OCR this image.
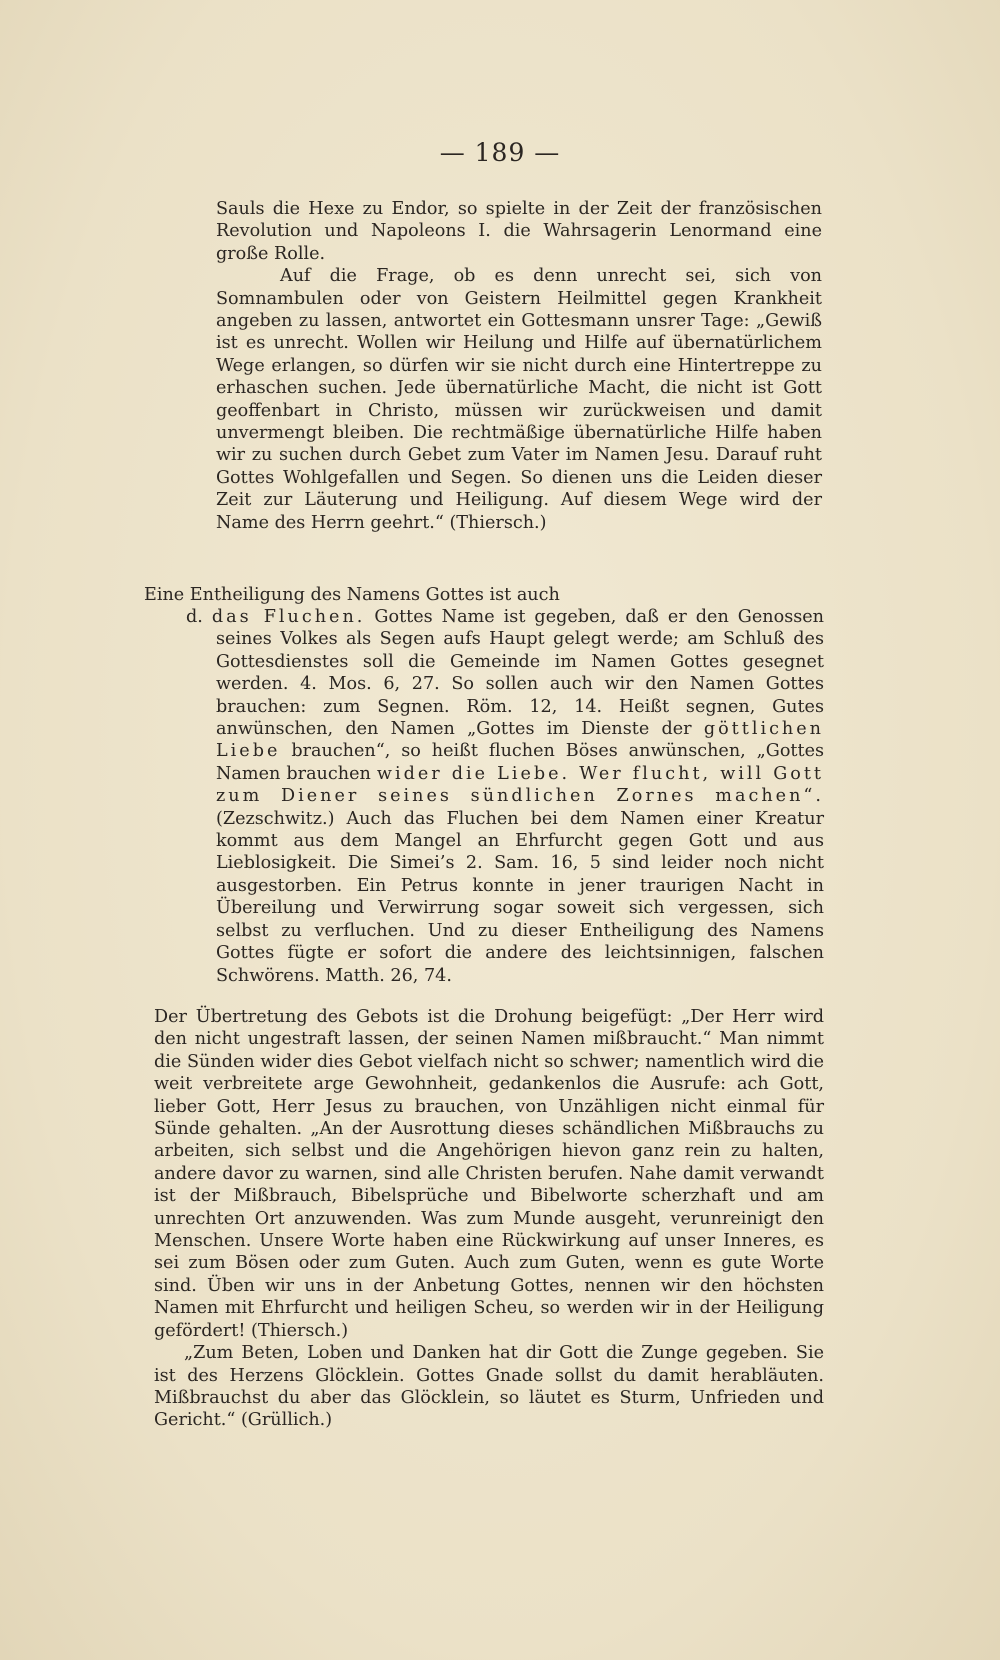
— 189 —

Sauls die Hexe zu Endor, so spielte in der Zeit der französischen Revolution und Napoleons I. die Wahrsagerin Lenormand eine große Rolle.
Auf die Frage, ob es denn unrecht sei, sich von Somnambulen oder von Geistern Heilmittel gegen Krankheit angeben zu lassen, antwortet ein Gottesmann unsrer Tage: „Gewiß ist es unrecht. Wollen wir Heilung und Hilfe auf übernatürlichem Wege erlangen, so dürfen wir sie nicht durch eine Hintertreppe zu erhaschen suchen. Jede übernatürliche Macht, die nicht ist Gott geoffenbart in Christo, müssen wir zurückweisen und damit unvermengt bleiben. Die rechtmäßige übernatürliche Hilfe haben wir zu suchen durch Gebet zum Vater im Namen Jesu. Darauf ruht Gottes Wohlgefallen und Segen. So dienen uns die Leiden dieser Zeit zur Läuterung und Heiligung. Auf diesem Wege wird der Name des Herrn geehrt.“ (Thiersch.)

Eine Entheiligung des Namens Gottes ist auch

d. das Fluchen. Gottes Name ist gegeben, daß er den Genossen seines Volkes als Segen aufs Haupt gelegt werde; am Schluß des Gottesdienstes soll die Gemeinde im Namen Gottes gesegnet werden. 4. Mos. 6, 27. So sollen auch wir den Namen Gottes brauchen: zum Segnen. Röm. 12, 14. Heißt segnen, Gutes anwünschen, den Namen „Gottes im Dienste der göttlichen Liebe brauchen“, so heißt fluchen Böses anwünschen, „Gottes Namen brauchen wider die Liebe. Wer flucht, will Gott zum Diener seines sündlichen Zornes machen“. (Zezschwitz.) Auch das Fluchen bei dem Namen einer Kreatur kommt aus dem Mangel an Ehrfurcht gegen Gott und aus Lieblosigkeit. Die Simei’s 2. Sam. 16, 5 sind leider noch nicht ausgestorben. Ein Petrus konnte in jener traurigen Nacht in Übereilung und Verwirrung sogar soweit sich vergessen, sich selbst zu verfluchen. Und zu dieser Entheiligung des Namens Gottes fügte er sofort die andere des leichtsinnigen, falschen Schwörens. Matth. 26, 74.

Der Übertretung des Gebots ist die Drohung beigefügt: „Der Herr wird den nicht ungestraft lassen, der seinen Namen mißbraucht.“ Man nimmt die Sünden wider dies Gebot vielfach nicht so schwer; namentlich wird die weit verbreitete arge Gewohnheit, gedankenlos die Ausrufe: ach Gott, lieber Gott, Herr Jesus zu brauchen, von Unzähligen nicht einmal für Sünde gehalten. „An der Ausrottung dieses schändlichen Mißbrauchs zu arbeiten, sich selbst und die Angehörigen hievon ganz rein zu halten, andere davor zu warnen, sind alle Christen berufen. Nahe damit verwandt ist der Mißbrauch, Bibelsprüche und Bibelworte scherzhaft und am unrechten Ort anzuwenden. Was zum Munde ausgeht, verunreinigt den Menschen. Unsere Worte haben eine Rückwirkung auf unser Inneres, es sei zum Bösen oder zum Guten. Auch zum Guten, wenn es gute Worte sind. Üben wir uns in der Anbetung Gottes, nennen wir den höchsten Namen mit Ehrfurcht und heiligen Scheu, so werden wir in der Heiligung gefördert! (Thiersch.)
„Zum Beten, Loben und Danken hat dir Gott die Zunge gegeben. Sie ist des Herzens Glöcklein. Gottes Gnade sollst du damit herabläuten. Mißbrauchst du aber das Glöcklein, so läutet es Sturm, Unfrieden und Gericht.“ (Grüllich.)
